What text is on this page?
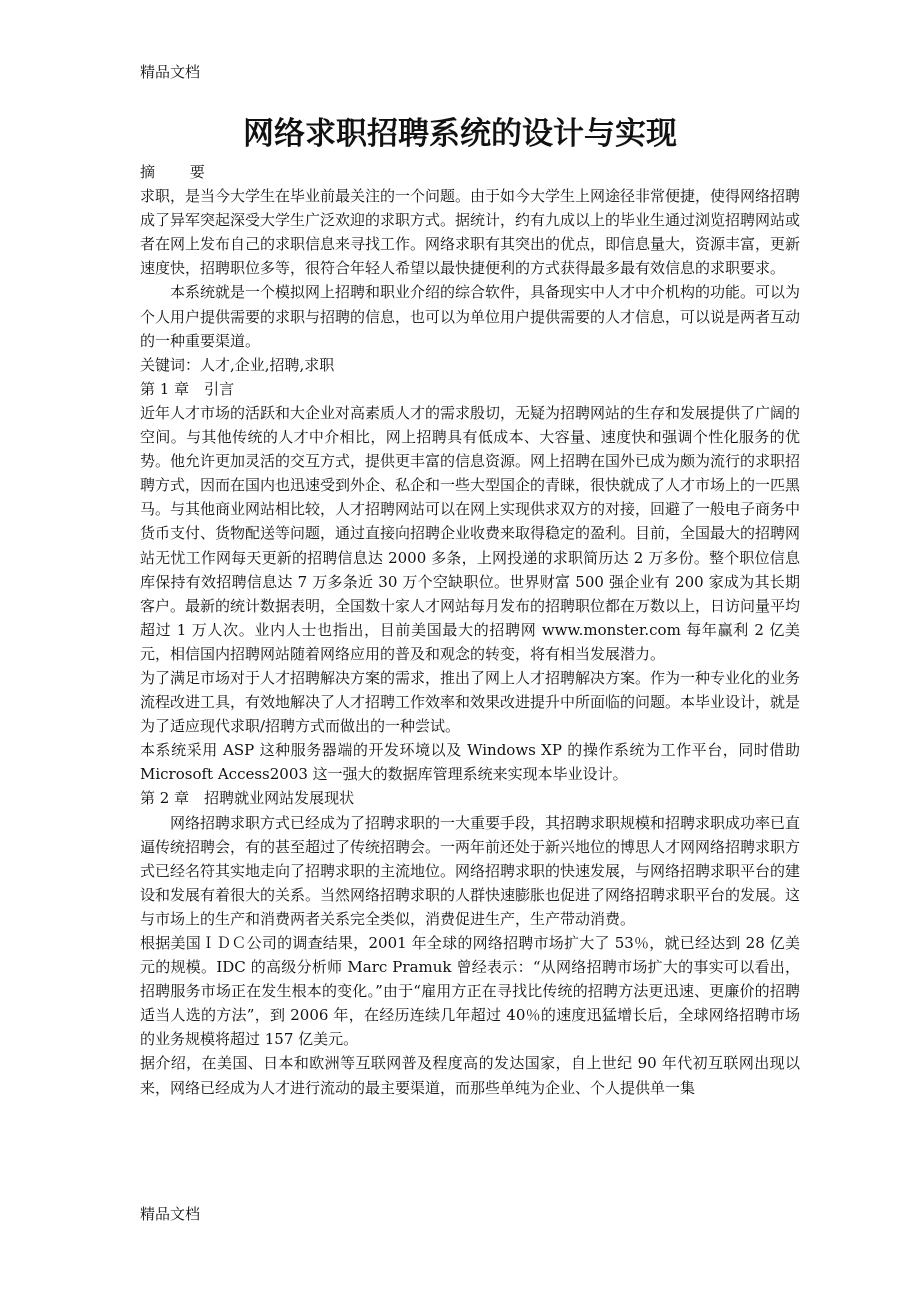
精品文档
网络求职招聘系统的设计与实现

摘 要

求职，是当今大学生在毕业前最关注的一个问题。由于如今大学生上网途径非常便捷，使得网络招聘成了异军突起深受大学生广泛欢迎的求职方式。据统计，约有九成以上的毕业生通过浏览招聘网站或者在网上发布自己的求职信息来寻找工作。网络求职有其突出的优点，即信息量大，资源丰富，更新速度快，招聘职位多等，很符合年轻人希望以最快捷便利的方式获得最多最有效信息的求职要求。

本系统就是一个模拟网上招聘和职业介绍的综合软件，具备现实中人才中介机构的功能。可以为个人用户提供需要的求职与招聘的信息，也可以为单位用户提供需要的人才信息，可以说是两者互动的一种重要渠道。

关键词：人才,企业,招聘,求职

第 1 章　引言

近年人才市场的活跃和大企业对高素质人才的需求殷切，无疑为招聘网站的生存和发展提供了广阔的空间。与其他传统的人才中介相比，网上招聘具有低成本、大容量、速度快和强调个性化服务的优势。他允许更加灵活的交互方式，提供更丰富的信息资源。网上招聘在国外已成为颇为流行的求职招聘方式，因而在国内也迅速受到外企、私企和一些大型国企的青睐，很快就成了人才市场上的一匹黑马。与其他商业网站相比较，人才招聘网站可以在网上实现供求双方的对接，回避了一般电子商务中货币支付、货物配送等问题，通过直接向招聘企业收费来取得稳定的盈利。目前，全国最大的招聘网站无忧工作网每天更新的招聘信息达 2000 多条，上网投递的求职简历达 2 万多份。整个职位信息库保持有效招聘信息达 7 万多条近 30 万个空缺职位。世界财富 500 强企业有 200 家成为其长期客户。最新的统计数据表明，全国数十家人才网站每月发布的招聘职位都在万数以上，日访问量平均超过 1 万人次。业内人士也指出，目前美国最大的招聘网 www.monster.com 每年赢利 2 亿美元，相信国内招聘网站随着网络应用的普及和观念的转变，将有相当发展潜力。

为了满足市场对于人才招聘解决方案的需求，推出了网上人才招聘解决方案。作为一种专业化的业务流程改进工具，有效地解决了人才招聘工作效率和效果改进提升中所面临的问题。本毕业设计，就是为了适应现代求职/招聘方式而做出的一种尝试。

本系统采用 ASP 这种服务器端的开发环境以及 Windows XP 的操作系统为工作平台，同时借助 Microsoft Access2003 这一强大的数据库管理系统来实现本毕业设计。

第 2 章　招聘就业网站发展现状

网络招聘求职方式已经成为了招聘求职的一大重要手段，其招聘求职规模和招聘求职成功率已直逼传统招聘会，有的甚至超过了传统招聘会。一两年前还处于新兴地位的博思人才网网络招聘求职方式已经名符其实地走向了招聘求职的主流地位。网络招聘求职的快速发展，与网络招聘求职平台的建设和发展有着很大的关系。当然网络招聘求职的人群快速膨胀也促进了网络招聘求职平台的发展。这与市场上的生产和消费两者关系完全类似，消费促进生产，生产带动消费。

根据美国ＩＤＣ公司的调查结果，2001 年全球的网络招聘市场扩大了 53％，就已经达到 28 亿美元的规模。IDC 的高级分析师 Marc Pramuk 曾经表示：“从网络招聘市场扩大的事实可以看出，招聘服务市场正在发生根本的变化。”由于“雇用方正在寻找比传统的招聘方法更迅速、更廉价的招聘适当人选的方法”，到 2006 年，在经历连续几年超过 40％的速度迅猛增长后，全球网络招聘市场的业务规模将超过 157 亿美元。

据介绍，在美国、日本和欧洲等互联网普及程度高的发达国家，自上世纪 90 年代初互联网出现以来，网络已经成为人才进行流动的最主要渠道，而那些单纯为企业、个人提供单一集

精品文档
